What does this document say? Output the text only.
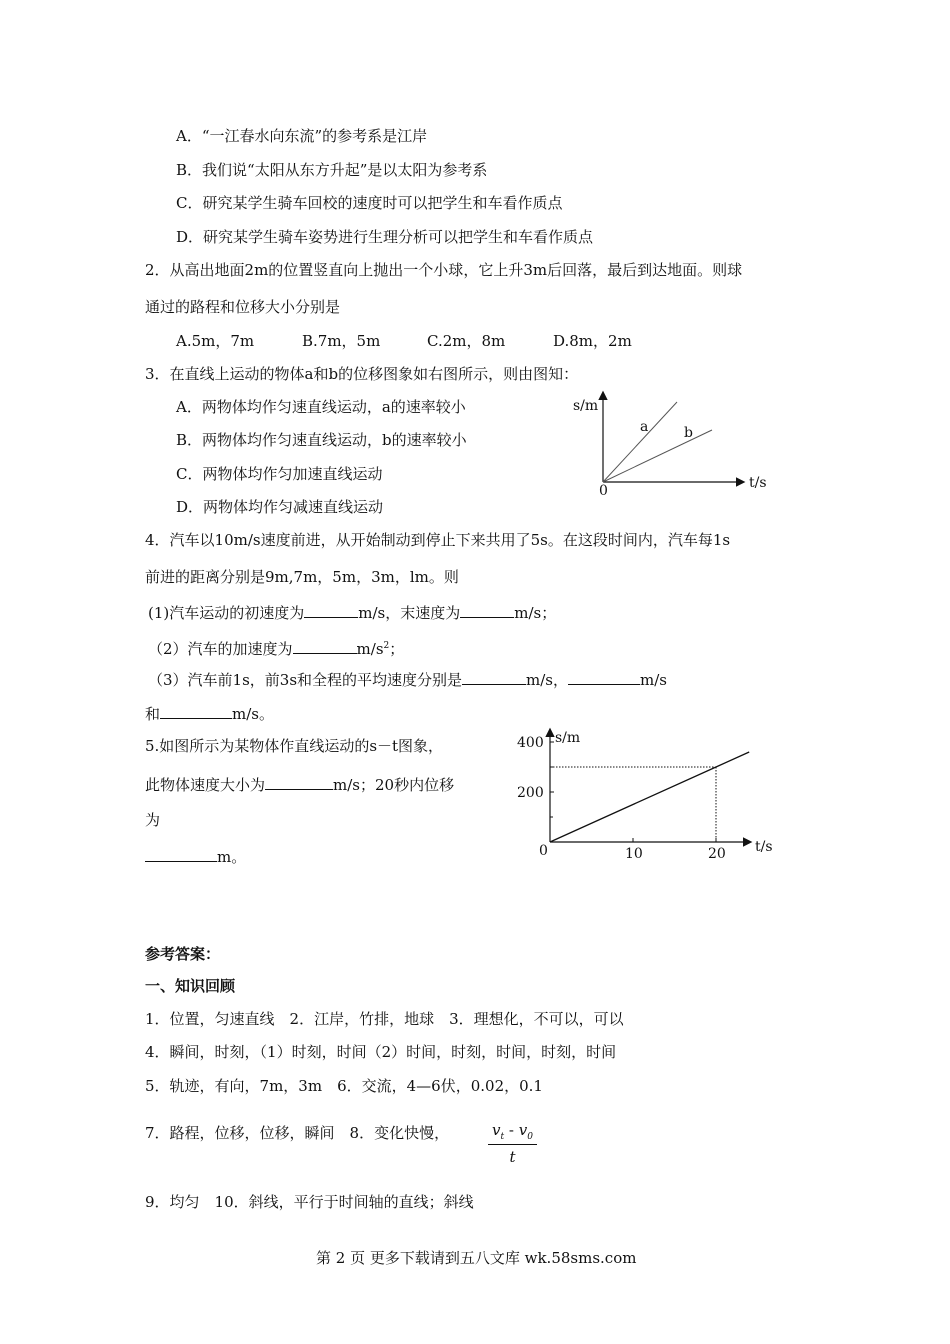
A．“一江春水向东流”的参考系是江岸
B．我们说“太阳从东方升起”是以太阳为参考系
C．研究某学生骑车回校的速度时可以把学生和车看作质点
D．研究某学生骑车姿势进行生理分析可以把学生和车看作质点
2．从高出地面2m的位置竖直向上抛出一个小球，它上升3m后回落，最后到达地面。则球
通过的路程和位移大小分别是
A.5m，7m	B.7m，5m	C.2m，8m	D.8m，2m
3．在直线上运动的物体a和b的位移图象如右图所示，则由图知：
A．两物体均作匀速直线运动，a的速率较小
B．两物体均作匀速直线运动，b的速率较小
C．两物体均作匀加速直线运动
D．两物体均作匀减速直线运动
s/m
t/s
0
a	b
4．汽车以10m/s速度前进，从开始制动到停止下来共用了5s。在这段时间内，汽车每1s
前进的距离分别是9m,7m，5m，3m，lm。则
(1)汽车运动的初速度为	m/s，末速度为	m/s；
（2）汽车的加速度为	$m/s^2$；
（3）汽车前1s，前3s和全程的平均速度分别是	m/s，	m/s
和	m/s。
5.如图所示为某物体作直线运动的s－t图象，
此物体速度大小为	m/s；20秒内位移
为
m。
s/m
t/s
0	10	20
200
400
参考答案：
一、知识回顾
1．位置，匀速直线　2．江岸，竹排，地球　3．理想化，不可以，可以
4．瞬间，时刻，（1）时刻，时间（2）时间，时刻，时间，时刻，时间
5．轨迹，有向，7m，3m　6．交流，4—6伏，0.02，0.1
7．路程，位移，位移，瞬间　8．变化快慢，	$\frac{v_t - v_0}{t}$
9．均匀　10．斜线，平行于时间轴的直线；斜线
第 2 页 更多下载请到五八文库 wk.58sms.com
